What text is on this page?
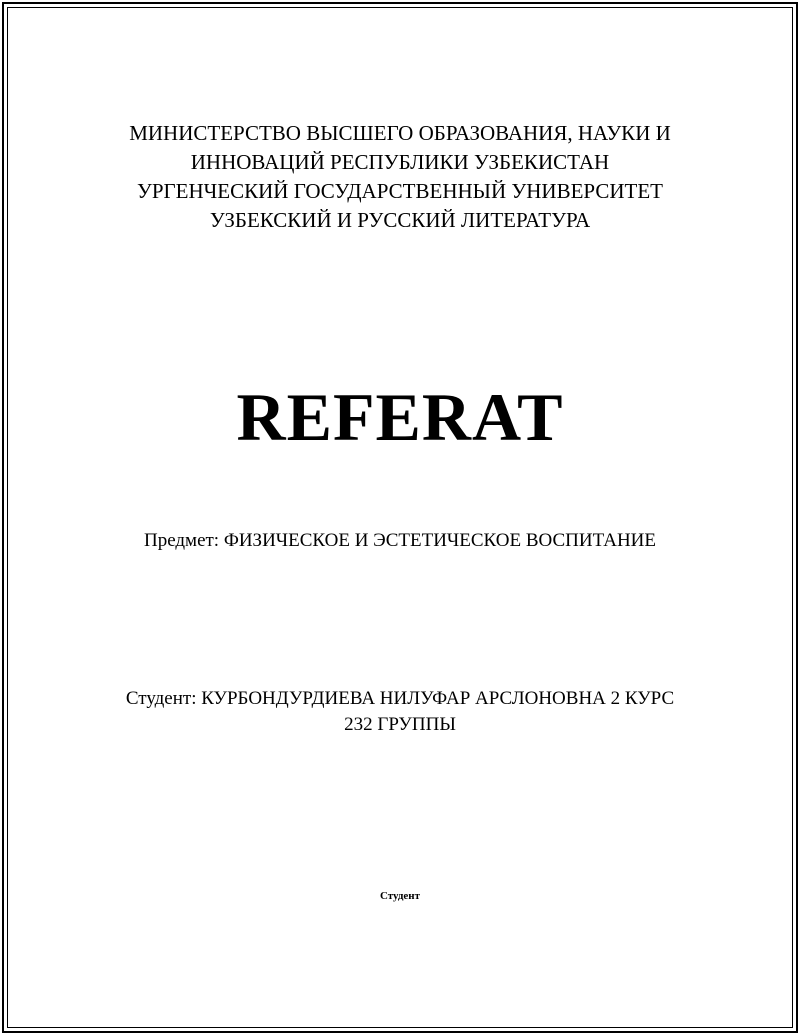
МИНИСТЕРСТВО ВЫСШЕГО ОБРАЗОВАНИЯ, НАУКИ И
ИННОВАЦИЙ РЕСПУБЛИКИ УЗБЕКИСТАН
УРГЕНЧЕСКИЙ ГОСУДАРСТВЕННЫЙ УНИВЕРСИТЕТ
УЗБЕКСКИЙ И РУССКИЙ ЛИТЕРАТУРА
REFERAT
Предмет: ФИЗИЧЕСКОЕ И ЭСТЕТИЧЕСКОЕ ВОСПИТАНИЕ
Студент: КУРБОНДУРДИЕВА НИЛУФАР АРСЛОНОВНА 2 КУРС
232 ГРУППЫ
Студент
